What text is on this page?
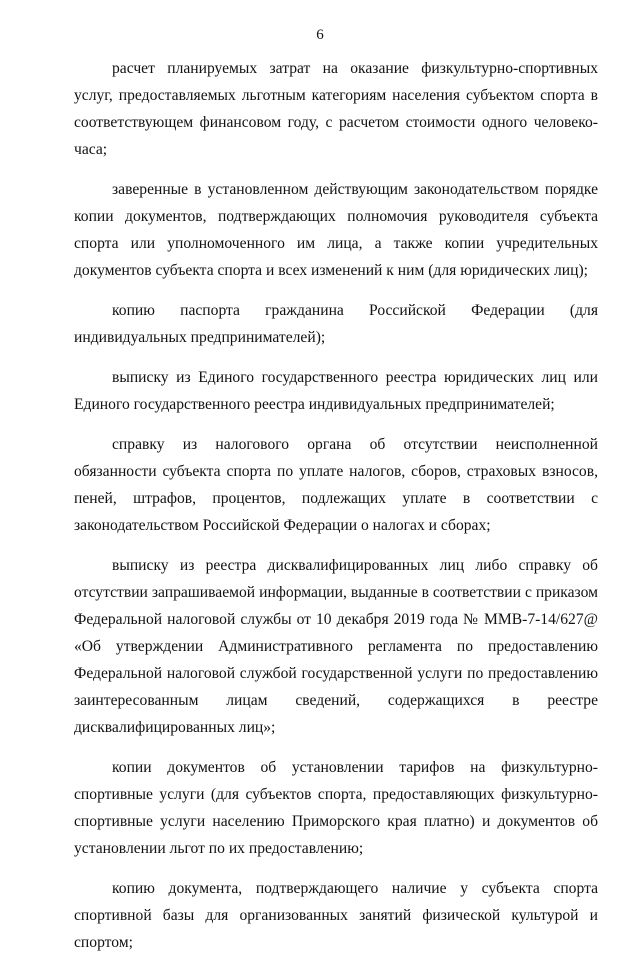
6

расчет планируемых затрат на оказание физкультурно-спортивных услуг, предоставляемых льготным категориям населения субъектом спорта в соответствующем финансовом году, с расчетом стоимости одного человеко-часа;

заверенные в установленном действующим законодательством порядке копии документов, подтверждающих полномочия руководителя субъекта спорта или уполномоченного им лица, а также копии учредительных документов субъекта спорта и всех изменений к ним (для юридических лиц);

копию паспорта гражданина Российской Федерации (для индивидуальных предпринимателей);

выписку из Единого государственного реестра юридических лиц или Единого государственного реестра индивидуальных предпринимателей;

справку из налогового органа об отсутствии неисполненной обязанности субъекта спорта по уплате налогов, сборов, страховых взносов, пеней, штрафов, процентов, подлежащих уплате в соответствии с законодательством Российской Федерации о налогах и сборах;

выписку из реестра дисквалифицированных лиц либо справку об отсутствии запрашиваемой информации, выданные в соответствии с приказом Федеральной налоговой службы от 10 декабря 2019 года № ММВ-7-14/627@ «Об утверждении Административного регламента по предоставлению Федеральной налоговой службой государственной услуги по предоставлению заинтересованным лицам сведений, содержащихся в реестре дисквалифицированных лиц»;

копии документов об установлении тарифов на физкультурно-спортивные услуги (для субъектов спорта, предоставляющих физкультурно-спортивные услуги населению Приморского края платно) и документов об установлении льгот по их предоставлению;

копию документа, подтверждающего наличие у субъекта спорта спортивной базы для организованных занятий физической культурой и спортом;
